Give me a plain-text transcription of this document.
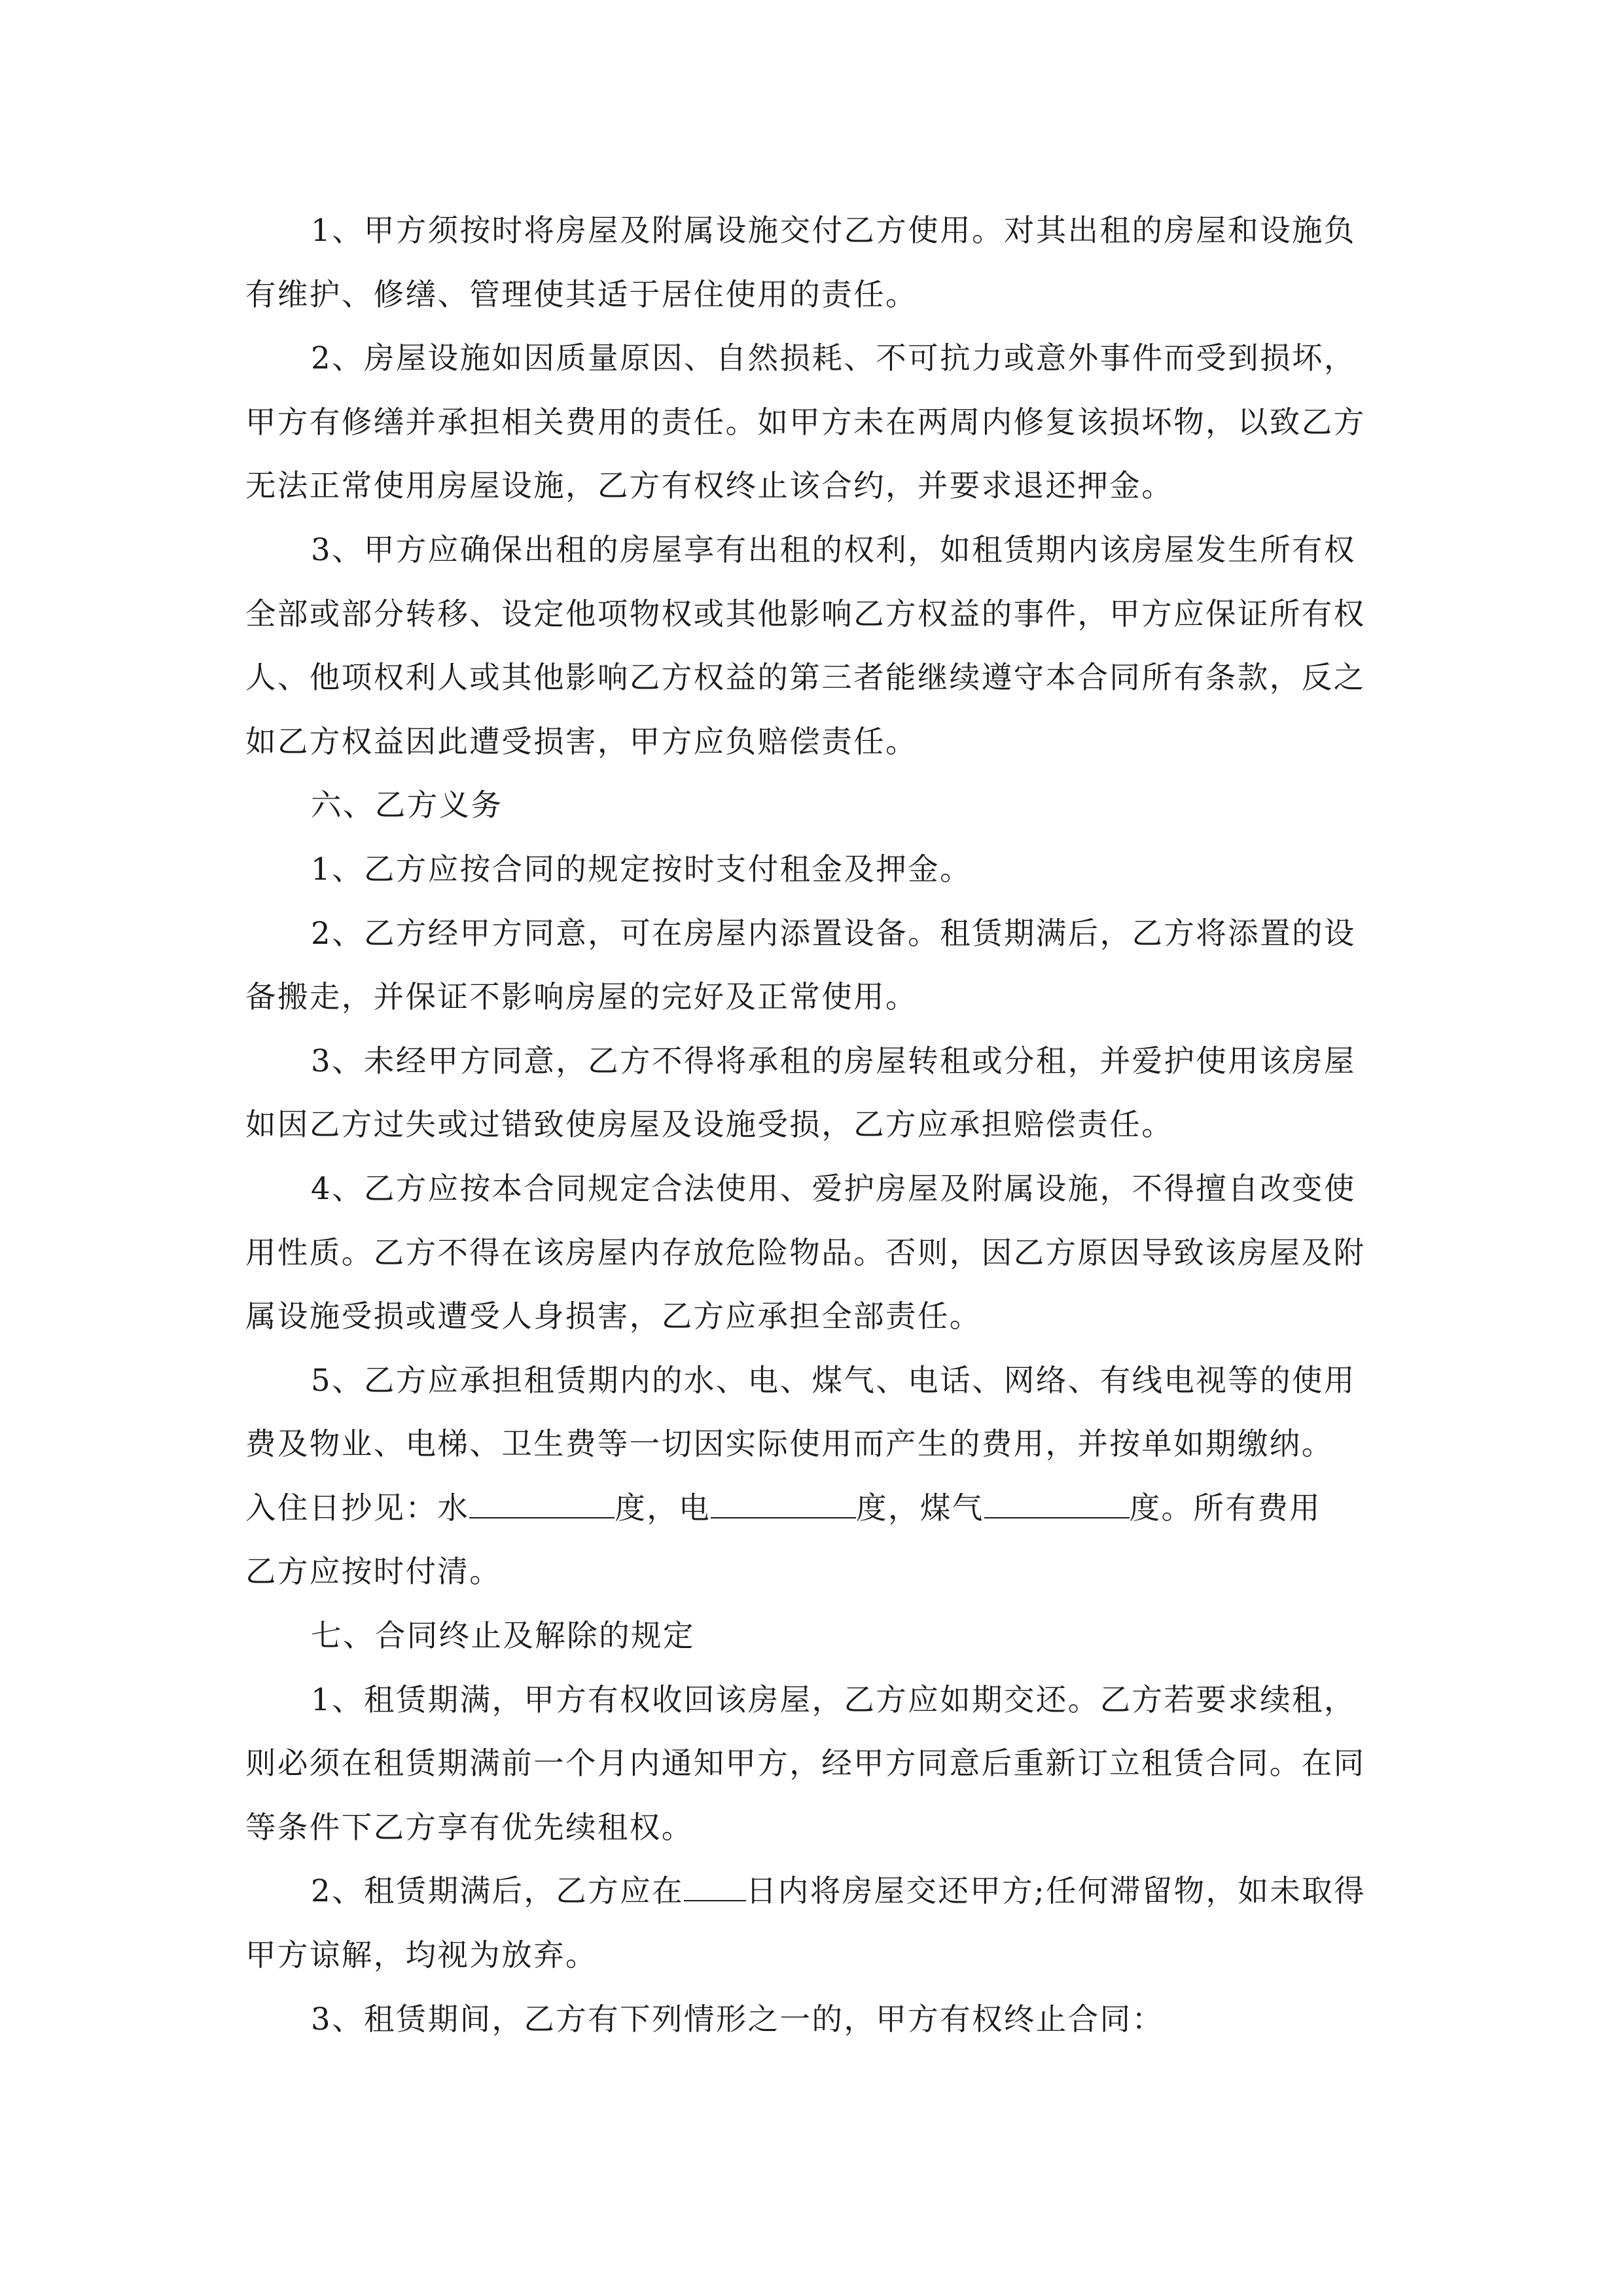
1、甲方须按时将房屋及附属设施交付乙方使用。对其出租的房屋和设施负

有维护、修缮、管理使其适于居住使用的责任。

2、房屋设施如因质量原因、自然损耗、不可抗力或意外事件而受到损坏，

甲方有修缮并承担相关费用的责任。如甲方未在两周内修复该损坏物，以致乙方
无法正常使用房屋设施，乙方有权终止该合约，并要求退还押金。

3、甲方应确保出租的房屋享有出租的权利，如租赁期内该房屋发生所有权

全部或部分转移、设定他项物权或其他影响乙方权益的事件，甲方应保证所有权
人、他项权利人或其他影响乙方权益的第三者能继续遵守本合同所有条款，反之
如乙方权益因此遭受损害，甲方应负赔偿责任。

六、乙方义务

1、乙方应按合同的规定按时支付租金及押金。

2、乙方经甲方同意，可在房屋内添置设备。租赁期满后，乙方将添置的设

备搬走，并保证不影响房屋的完好及正常使用。

3、未经甲方同意，乙方不得将承租的房屋转租或分租，并爱护使用该房屋

如因乙方过失或过错致使房屋及设施受损，乙方应承担赔偿责任。

4、乙方应按本合同规定合法使用、爱护房屋及附属设施，不得擅自改变使

用性质。乙方不得在该房屋内存放危险物品。否则，因乙方原因导致该房屋及附
属设施受损或遭受人身损害，乙方应承担全部责任。

5、乙方应承担租赁期内的水、电、煤气、电话、网络、有线电视等的使用

费及物业、电梯、卫生费等一切因实际使用而产生的费用，并按单如期缴纳。
入住日抄见：水	度，电	度，煤气	度。所有费用
乙方应按时付清。

七、合同终止及解除的规定

1、租赁期满，甲方有权收回该房屋，乙方应如期交还。乙方若要求续租，

则必须在租赁期满前一个月内通知甲方，经甲方同意后重新订立租赁合同。在同
等条件下乙方享有优先续租权。

2、租赁期满后，乙方应在 日内将房屋交还甲方;任何滞留物，如未取得

甲方谅解，均视为放弃。

3、租赁期间，乙方有下列情形之一的，甲方有权终止合同：
